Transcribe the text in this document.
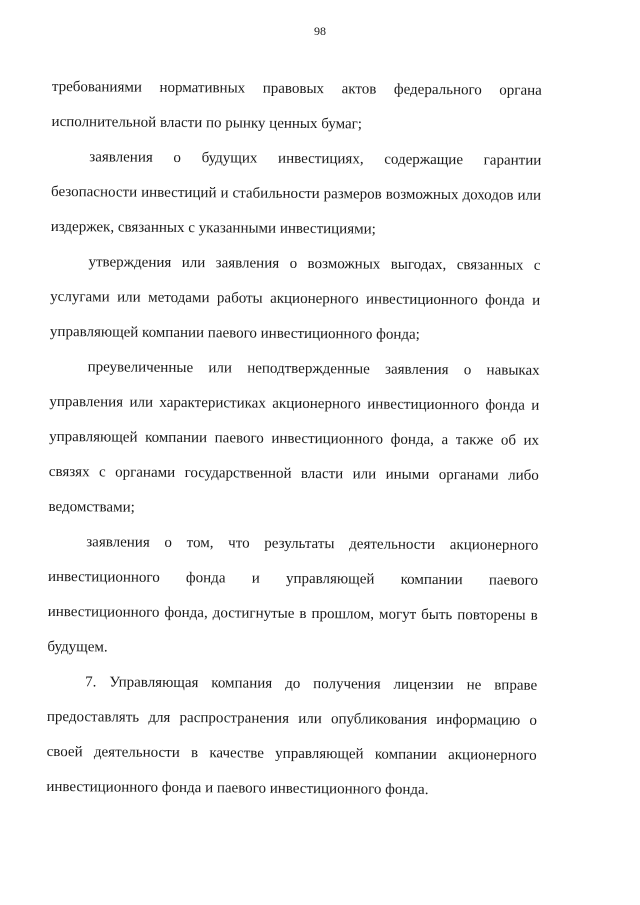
98

требованиями нормативных правовых актов федерального органа исполнительной власти по рынку ценных бумаг;

заявления о будущих инвестициях, содержащие гарантии безопасности инвестиций и стабильности размеров возможных доходов или издержек, связанных с указанными инвестициями;

утверждения или заявления о возможных выгодах, связанных с услугами или методами работы акционерного инвестиционного фонда и управляющей компании паевого инвестиционного фонда;

преувеличенные или неподтвержденные заявления о навыках управления или характеристиках акционерного инвестиционного фонда и управляющей компании паевого инвестиционного фонда, а также об их связях с органами государственной власти или иными органами либо ведомствами;

заявления о том, что результаты деятельности акционерного инвестиционного фонда и управляющей компании паевого инвестиционного фонда, достигнутые в прошлом, могут быть повторены в будущем.

7. Управляющая компания до получения лицензии не вправе предоставлять для распространения или опубликования информацию о своей деятельности в качестве управляющей компании акционерного инвестиционного фонда и паевого инвестиционного фонда.
